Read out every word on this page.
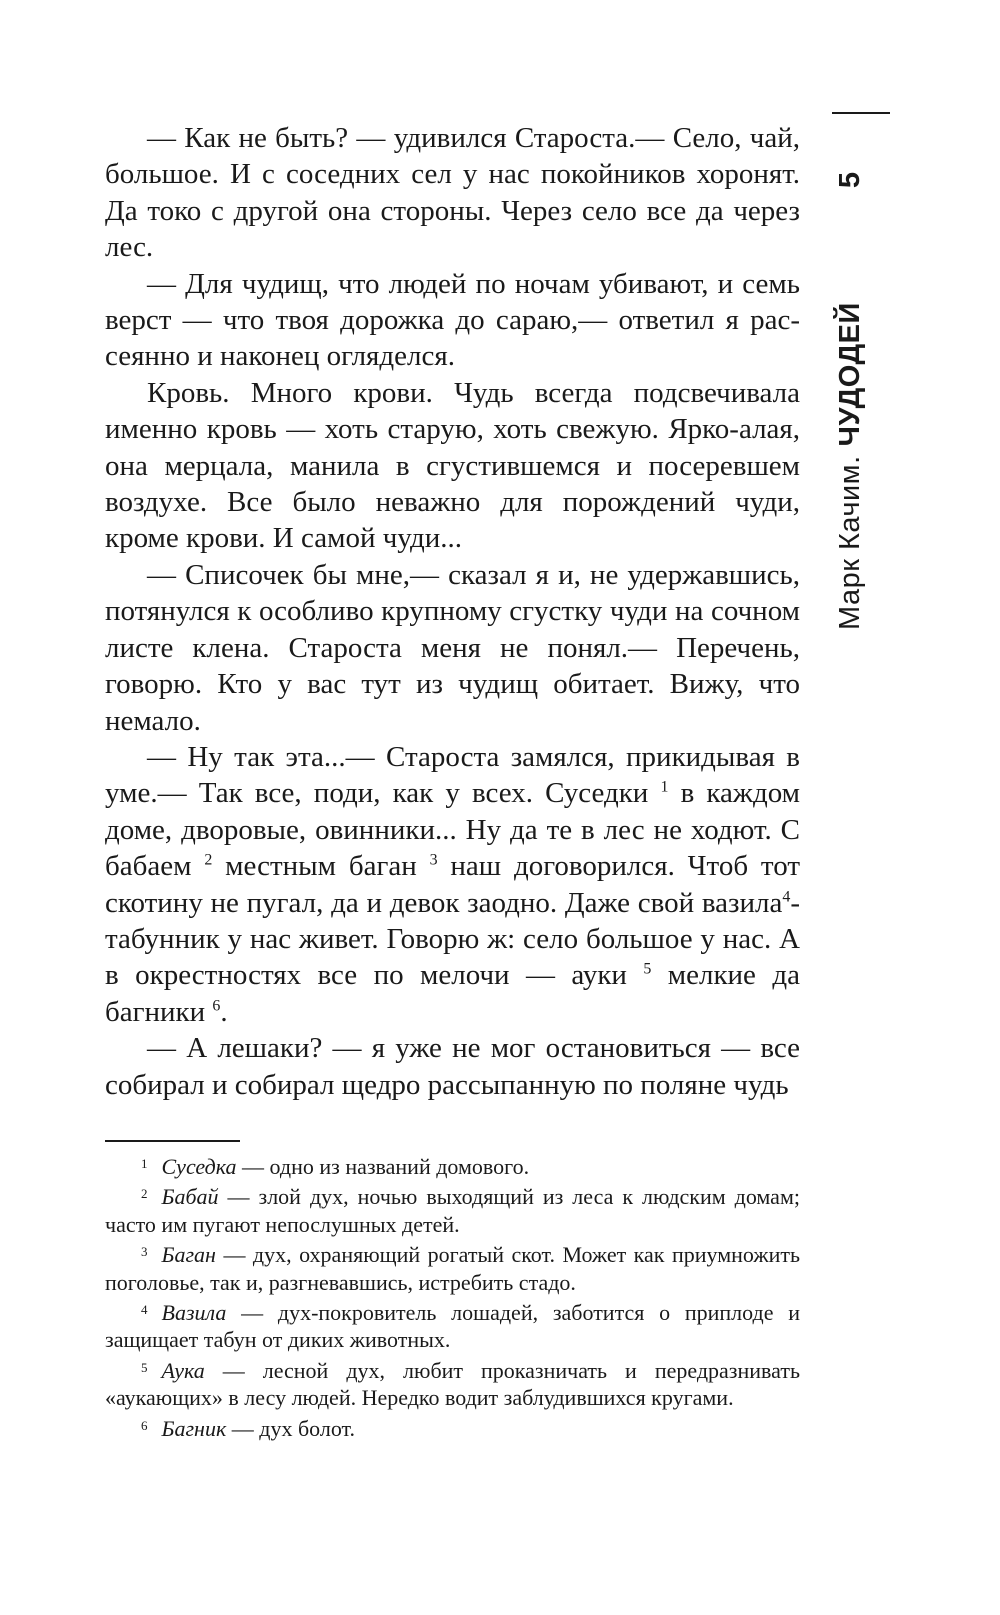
— Как не быть? — удивился Староста.— Село, чай, большое. И с соседних сел у нас покойников хоронят. Да токо с другой она стороны. Через село все да через лес.

— Для чудищ, что людей по ночам убивают, и семь верст — что твоя дорожка до сараю,— ответил я рассеянно и наконец огляделся.

Кровь. Много крови. Чудь всегда подсвечивала именно кровь — хоть старую, хоть свежую. Ярко-алая, она мерцала, манила в сгустившемся и посеревшем воздухе. Все было неважно для порождений чуди, кроме крови. И самой чуди...

— Списочек бы мне,— сказал я и, не удержавшись, потянулся к особливо крупному сгустку чуди на сочном листе клена. Староста меня не понял.— Перечень, говорю. Кто у вас тут из чудищ обитает. Вижу, что немало.

— Ну так эта...— Староста замялся, прикидывая в уме.— Так все, поди, как у всех. Суседки $^1$ в каждом доме, дворовые, овинники... Ну да те в лес не ходют. С бабаем $^2$ местным баган $^3$ наш договорился. Чтоб тот скотину не пугал, да и девок заодно. Даже свой вазила$^4$-табунник у нас живет. Говорю ж: село большое у нас. А в окрестностях все по мелочи — ауки $^5$ мелкие да багники $^6$.

— А лешаки? — я уже не мог остановиться — все собирал и собирал щедро рассыпанную по поляне чудь

$^1$ Суседка — одно из названий домового.

$^2$ Бабай — злой дух, ночью выходящий из леса к людским домам; часто им пугают непослушных детей.

$^3$ Баган — дух, охраняющий рогатый скот. Может как приумножить поголовье, так и, разгневавшись, истребить стадо.

$^4$ Вазила — дух-покровитель лошадей, заботится о приплоде и защищает табун от диких животных.

$^5$ Аука — лесной дух, любит проказничать и передразнивать «аукающих» в лесу людей. Нередко водит заблудившихся кругами.

$^6$ Багник — дух болот.

Марк Качим.
ЧУДОДЕЙ
5
